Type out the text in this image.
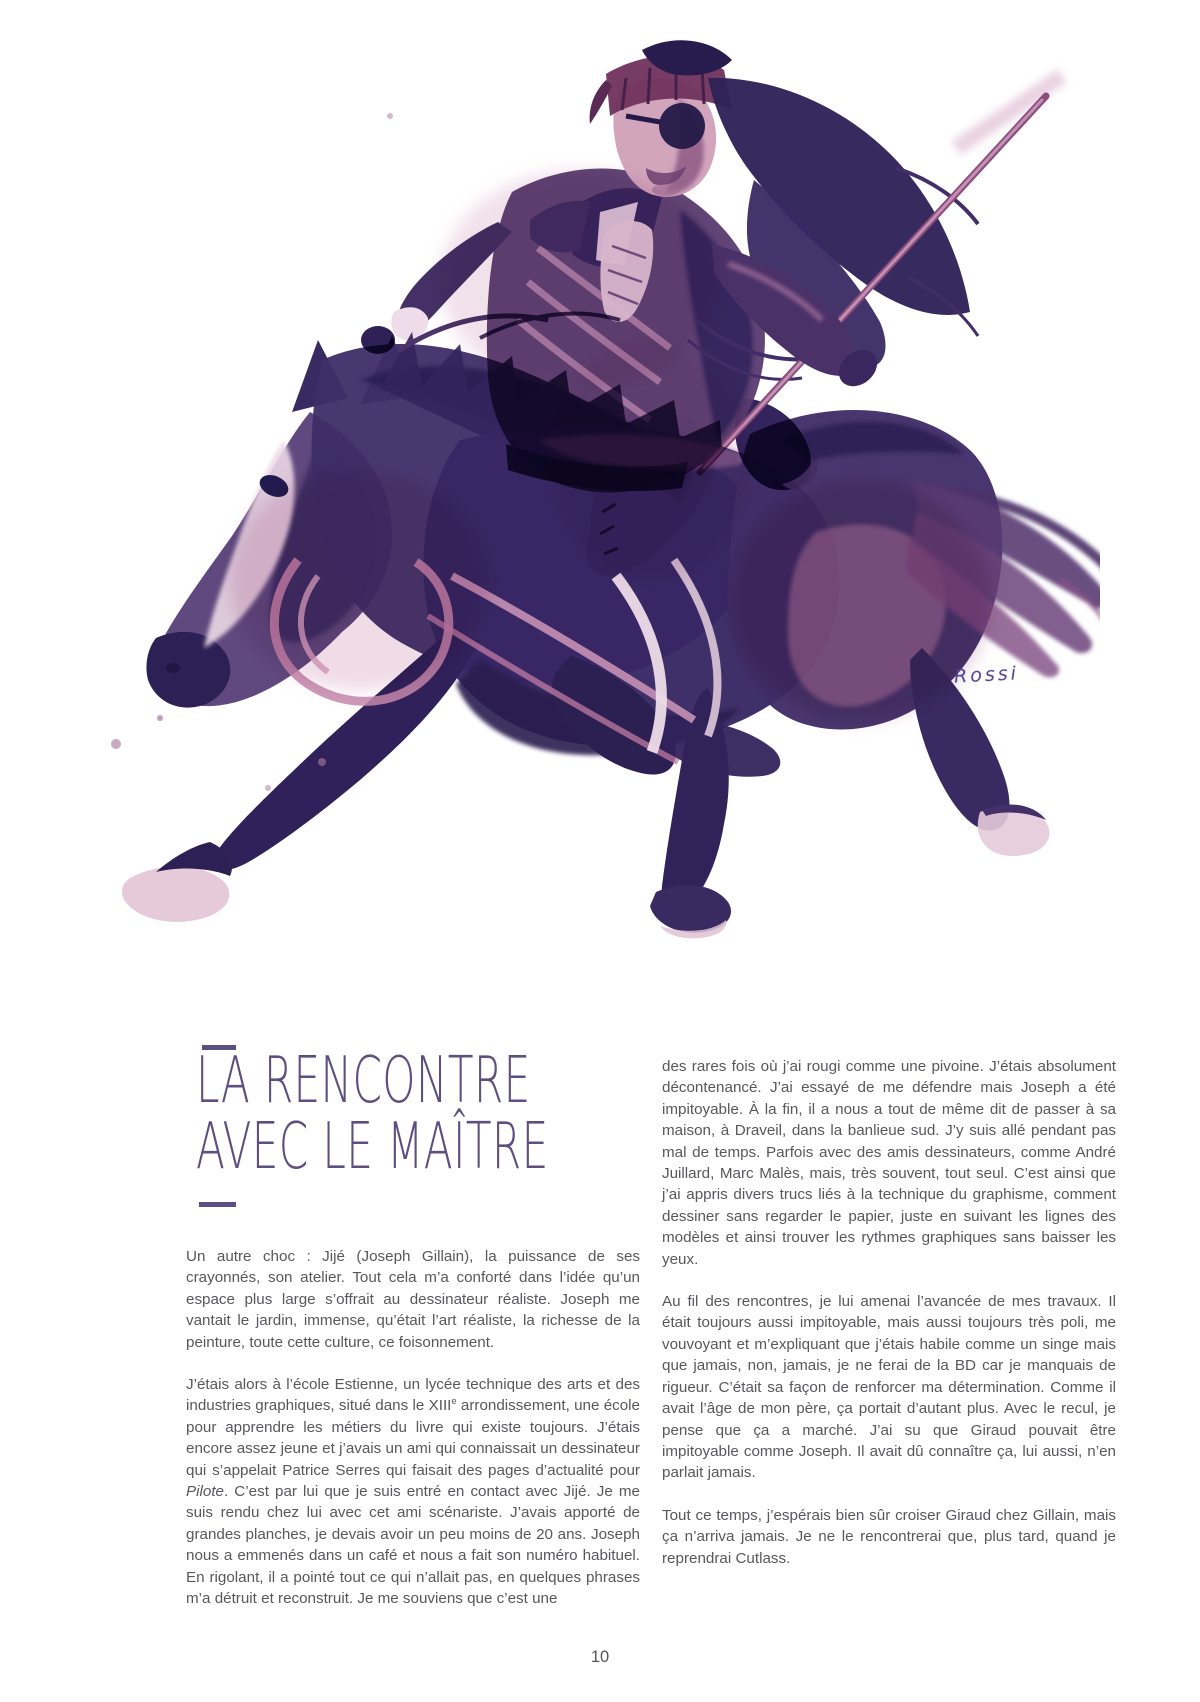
Rossi
LA RENCONTRE
AVEC LE MAÎTRE

Un autre choc : Jijé (Joseph Gillain), la puissance de ses crayonnés, son atelier. Tout cela m’a conforté dans l’idée qu’un espace plus large s’offrait au dessinateur réaliste. Joseph me vantait le jardin, immense, qu’était l’art réaliste, la richesse de la peinture, toute cette culture, ce foisonnement.

J’étais alors à l’école Estienne, un lycée technique des arts et des industries graphiques, situé dans le XIIIe arrondissement, une école pour apprendre les métiers du livre qui existe toujours. J’étais encore assez jeune et j’avais un ami qui connaissait un dessinateur qui s’appelait Patrice Serres qui faisait des pages d’actualité pour Pilote. C’est par lui que je suis entré en contact avec Jijé. Je me suis rendu chez lui avec cet ami scénariste. J’avais apporté de grandes planches, je devais avoir un peu moins de 20 ans. Joseph nous a emmenés dans un café et nous a fait son numéro habituel. En rigolant, il a pointé tout ce qui n’allait pas, en quelques phrases m’a détruit et reconstruit. Je me souviens que c’est une

des rares fois où j’ai rougi comme une pivoine. J’étais absolument décontenancé. J’ai essayé de me défendre mais Joseph a été impitoyable. À la fin, il a nous a tout de même dit de passer à sa maison, à Draveil, dans la banlieue sud. J’y suis allé pendant pas mal de temps. Parfois avec des amis dessinateurs, comme André Juillard, Marc Malès, mais, très souvent, tout seul. C’est ainsi que j’ai appris divers trucs liés à la technique du graphisme, comment dessiner sans regarder le papier, juste en suivant les lignes des modèles et ainsi trouver les rythmes graphiques sans baisser les yeux.

Au fil des rencontres, je lui amenai l’avancée de mes travaux. Il était toujours aussi impitoyable, mais aussi toujours très poli, me vouvoyant et m’expliquant que j’étais habile comme un singe mais que jamais, non, jamais, je ne ferai de la BD car je manquais de rigueur. C’était sa façon de renforcer ma détermination. Comme il avait l’âge de mon père, ça portait d’autant plus. Avec le recul, je pense que ça a marché. J’ai su que Giraud pouvait être impitoyable comme Joseph. Il avait dû connaître ça, lui aussi, n’en parlait jamais.

Tout ce temps, j’espérais bien sûr croiser Giraud chez Gillain, mais ça n’arriva jamais. Je ne le rencontrerai que, plus tard, quand je reprendrai Cutlass.

10
